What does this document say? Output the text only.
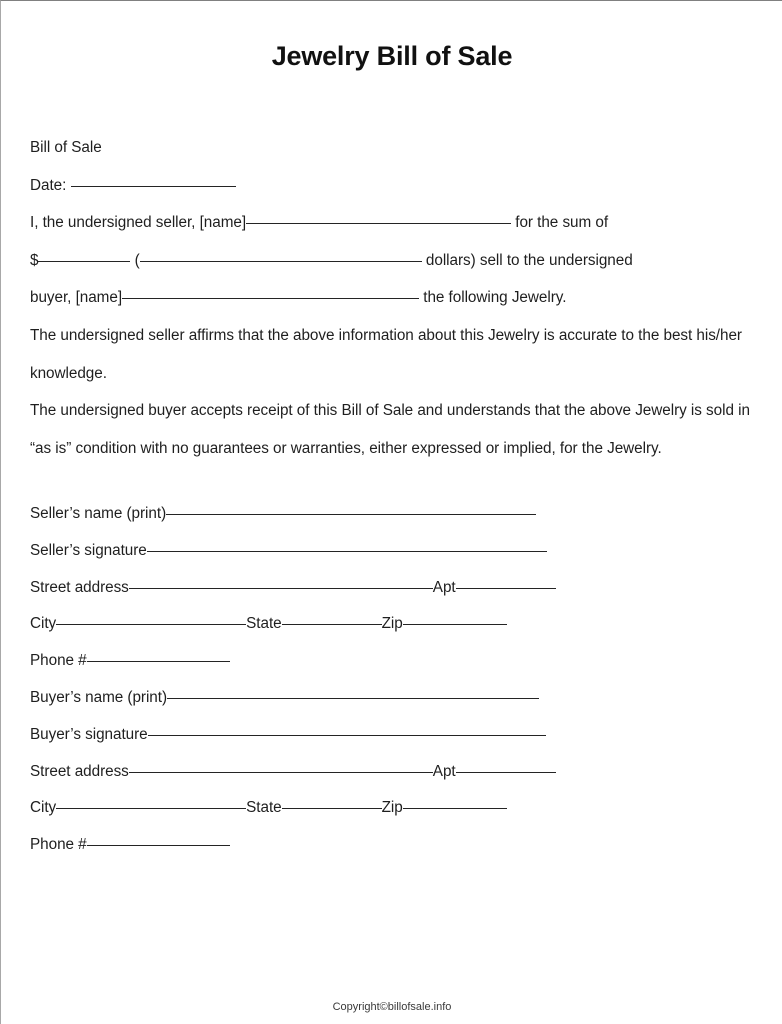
Jewelry Bill of Sale
Bill of Sale
Date:
I, the undersigned seller, [name]	for the sum of
$	(	dollars) sell to the undersigned
buyer, [name]	the following Jewelry.
The undersigned seller affirms that the above information about this Jewelry is accurate to the best his/her knowledge.
The undersigned buyer accepts receipt of this Bill of Sale and understands that the above Jewelry is sold in “as is” condition with no guarantees or warranties, either expressed or implied, for the Jewelry.
Seller’s name (print)
Seller’s signature
Street address	Apt
City	State	Zip
Phone #
Buyer’s name (print)
Buyer’s signature
Street address	Apt
City	State	Zip
Phone #
Copyright©billofsale.info
